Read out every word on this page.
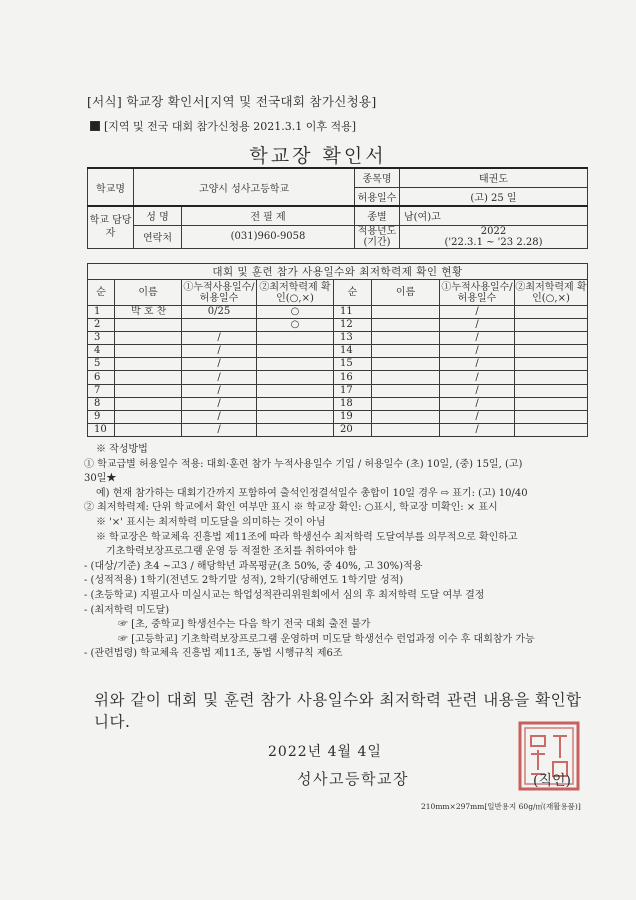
[서식] 학교장 확인서[지역 및 전국대회 참가신청용]
[지역 및 전국 대회 참가신청용 2021.3.1 이후 적용]
학교장 확인서
학교명	고양시 성사고등학교		종목명	태권도
			허용일수	(고) 25 일
학교 담당자	성 명	전 필 제	종별	남(여)고
	연락처	(031)960-9058	적용년도 (기간)	2022
('22.3.1 ~ '23 2.28)
대회 및 훈련 참가 사용일수와 최저학력제 확인 현황							
순	이름	①누적사용일수/ 허용일수	②최저학력제 확인(○,×)	순	이름	①누적사용일수/ 허용일수	②최저학력제 확인(○,×)
1	박 호 찬	0/25	○	11		/	
2			○	12		/	
3		/		13		/	
4		/		14		/	
5		/		15		/	
6		/		16		/	
7		/		17		/	
8		/		18		/	
9		/		19		/	
10		/		20		/	
※ 작성방법
① 학교급별 허용일수 적용: 대회·훈련 참가 누적사용일수 기입 / 허용일수 (초) 10일, (중) 15일, (고)
30일★
예) 현재 참가하는 대회기간까지 포함하여 출석인정결석일수 총합이 10일 경우 ⇨ 표기: (고) 10/40
② 최저학력제: 단위 학교에서 확인 여부만 표시 ※ 학교장 확인: ○표시, 학교장 미확인: × 표시
※ '×' 표시는 최저학력 미도달을 의미하는 것이 아님
※ 학교장은 학교체육 진흥법 제11조에 따라 학생선수 최저학력 도달여부를 의무적으로 확인하고
기초학력보장프로그램 운영 등 적절한 조치를 취하여야 함
- (대상/기준) 초4 ~고3 / 해당학년 과목평균(초 50%, 중 40%, 고 30%)적용
- (성적적용) 1학기(전년도 2학기말 성적), 2학기(당해연도 1학기말 성적)
- (초등학교) 지필고사 미실시교는 학업성적관리위원회에서 심의 후 최저학력 도달 여부 결정
- (최저학력 미도달)
☞ [초, 중학교] 학생선수는 다음 학기 전국 대회 출전 불가
☞ [고등학교] 기초학력보장프로그램 운영하며 미도달 학생선수 런업과정 이수 후 대회참가 가능
- (관련법령) 학교체육 진흥법 제11조, 동법 시행규칙 제6조
위와 같이 대회 및 훈련 참가 사용일수와 최저학력 관련 내용을 확인합니다.
2022년 4월 4일
성사고등학교장	(직인)
210mm×297mm[일반용지 60g/㎡(재활용품)]
